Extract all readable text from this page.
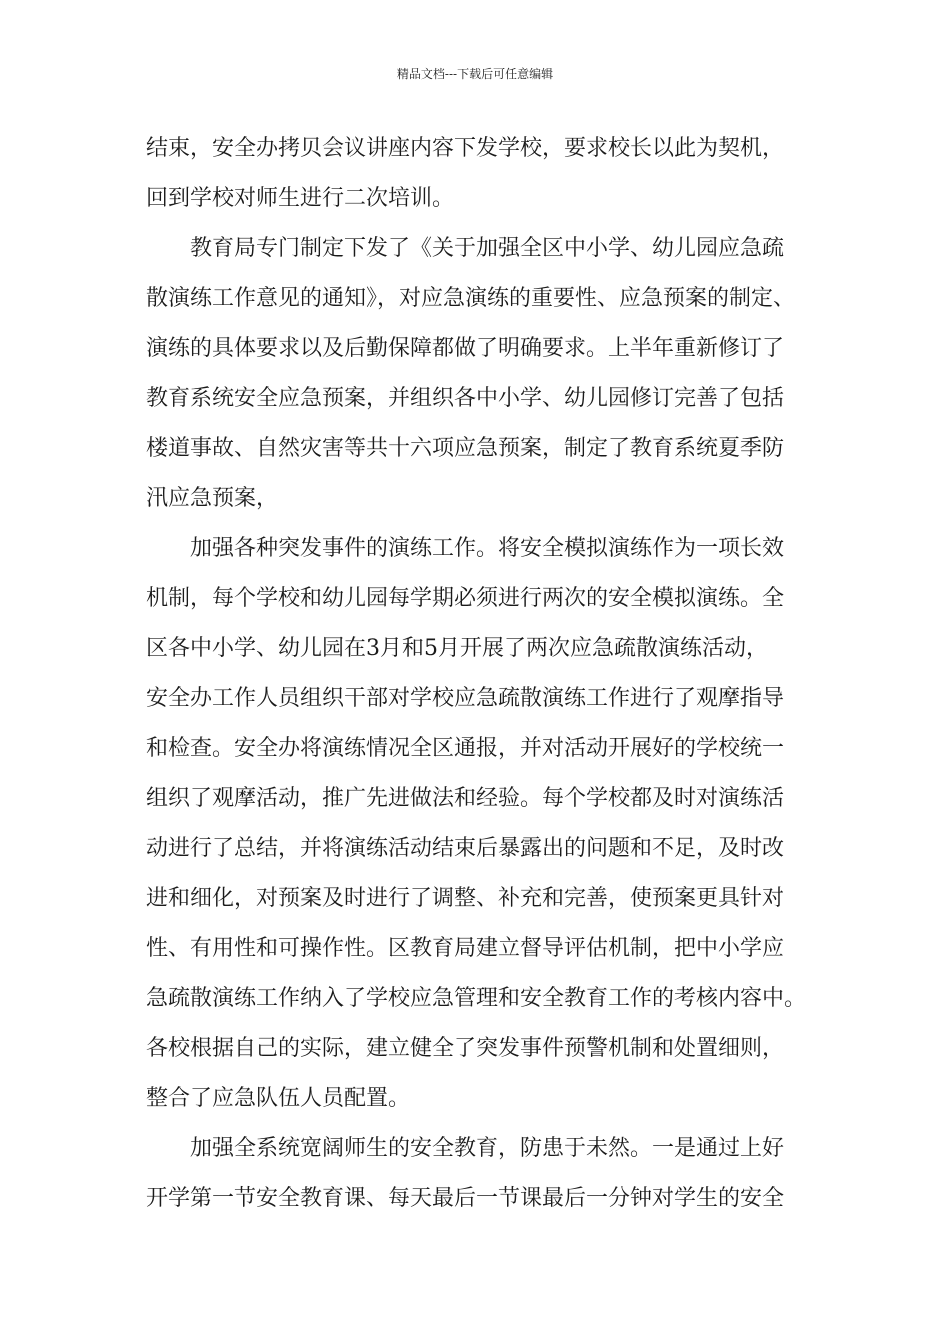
精品文档---下载后可任意编辑
结束，安全办拷贝会议讲座内容下发学校，要求校长以此为契机，
回到学校对师生进行二次培训。
教育局专门制定下发了《关于加强全区中小学、幼儿园应急疏
散演练工作意见的通知》，对应急演练的重要性、应急预案的制定、
演练的具体要求以及后勤保障都做了明确要求。上半年重新修订了
教育系统安全应急预案，并组织各中小学、幼儿园修订完善了包括
楼道事故、自然灾害等共十六项应急预案，制定了教育系统夏季防
汛应急预案，
加强各种突发事件的演练工作。将安全模拟演练作为一项长效
机制，每个学校和幼儿园每学期必须进行两次的安全模拟演练。全
区各中小学、幼儿园在3月和5月开展了两次应急疏散演练活动，
安全办工作人员组织干部对学校应急疏散演练工作进行了观摩指导
和检查。安全办将演练情况全区通报，并对活动开展好的学校统一
组织了观摩活动，推广先进做法和经验。每个学校都及时对演练活
动进行了总结，并将演练活动结束后暴露出的问题和不足，及时改
进和细化，对预案及时进行了调整、补充和完善，使预案更具针对
性、有用性和可操作性。区教育局建立督导评估机制，把中小学应
急疏散演练工作纳入了学校应急管理和安全教育工作的考核内容中。
各校根据自己的实际，建立健全了突发事件预警机制和处置细则，
整合了应急队伍人员配置。
加强全系统宽阔师生的安全教育，防患于未然。一是通过上好
开学第一节安全教育课、每天最后一节课最后一分钟对学生的安全
